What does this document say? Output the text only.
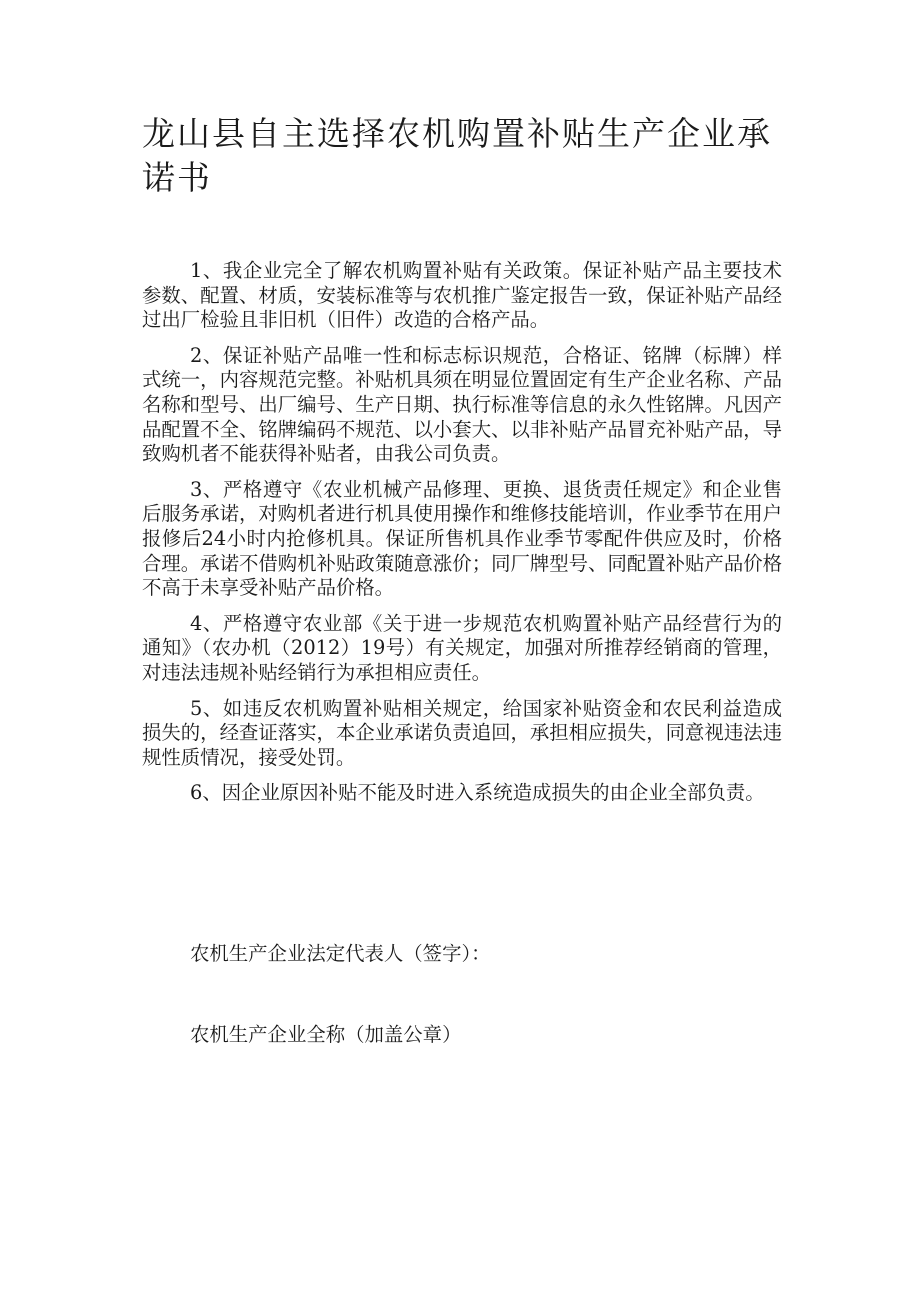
龙山县自主选择农机购置补贴生产企业承诺书

1、我企业完全了解农机购置补贴有关政策。保证补贴产品主要技术参数、配置、材质，安装标准等与农机推广鉴定报告一致，保证补贴产品经过出厂检验且非旧机（旧件）改造的合格产品。

2、保证补贴产品唯一性和标志标识规范，合格证、铭牌（标牌）样式统一，内容规范完整。补贴机具须在明显位置固定有生产企业名称、产品名称和型号、出厂编号、生产日期、执行标准等信息的永久性铭牌。凡因产品配置不全、铭牌编码不规范、以小套大、以非补贴产品冒充补贴产品，导致购机者不能获得补贴者，由我公司负责。

3、严格遵守《农业机械产品修理、更换、退货责任规定》和企业售后服务承诺，对购机者进行机具使用操作和维修技能培训，作业季节在用户报修后24小时内抢修机具。保证所售机具作业季节零配件供应及时，价格合理。承诺不借购机补贴政策随意涨价；同厂牌型号、同配置补贴产品价格不高于未享受补贴产品价格。

4、严格遵守农业部《关于进一步规范农机购置补贴产品经营行为的通知》（农办机（2012）19号）有关规定，加强对所推荐经销商的管理，对违法违规补贴经销行为承担相应责任。

5、如违反农机购置补贴相关规定，给国家补贴资金和农民利益造成损失的，经查证落实，本企业承诺负责追回，承担相应损失，同意视违法违规性质情况，接受处罚。

6、因企业原因补贴不能及时进入系统造成损失的由企业全部负责。

农机生产企业法定代表人（签字）：

农机生产企业全称（加盖公章）
